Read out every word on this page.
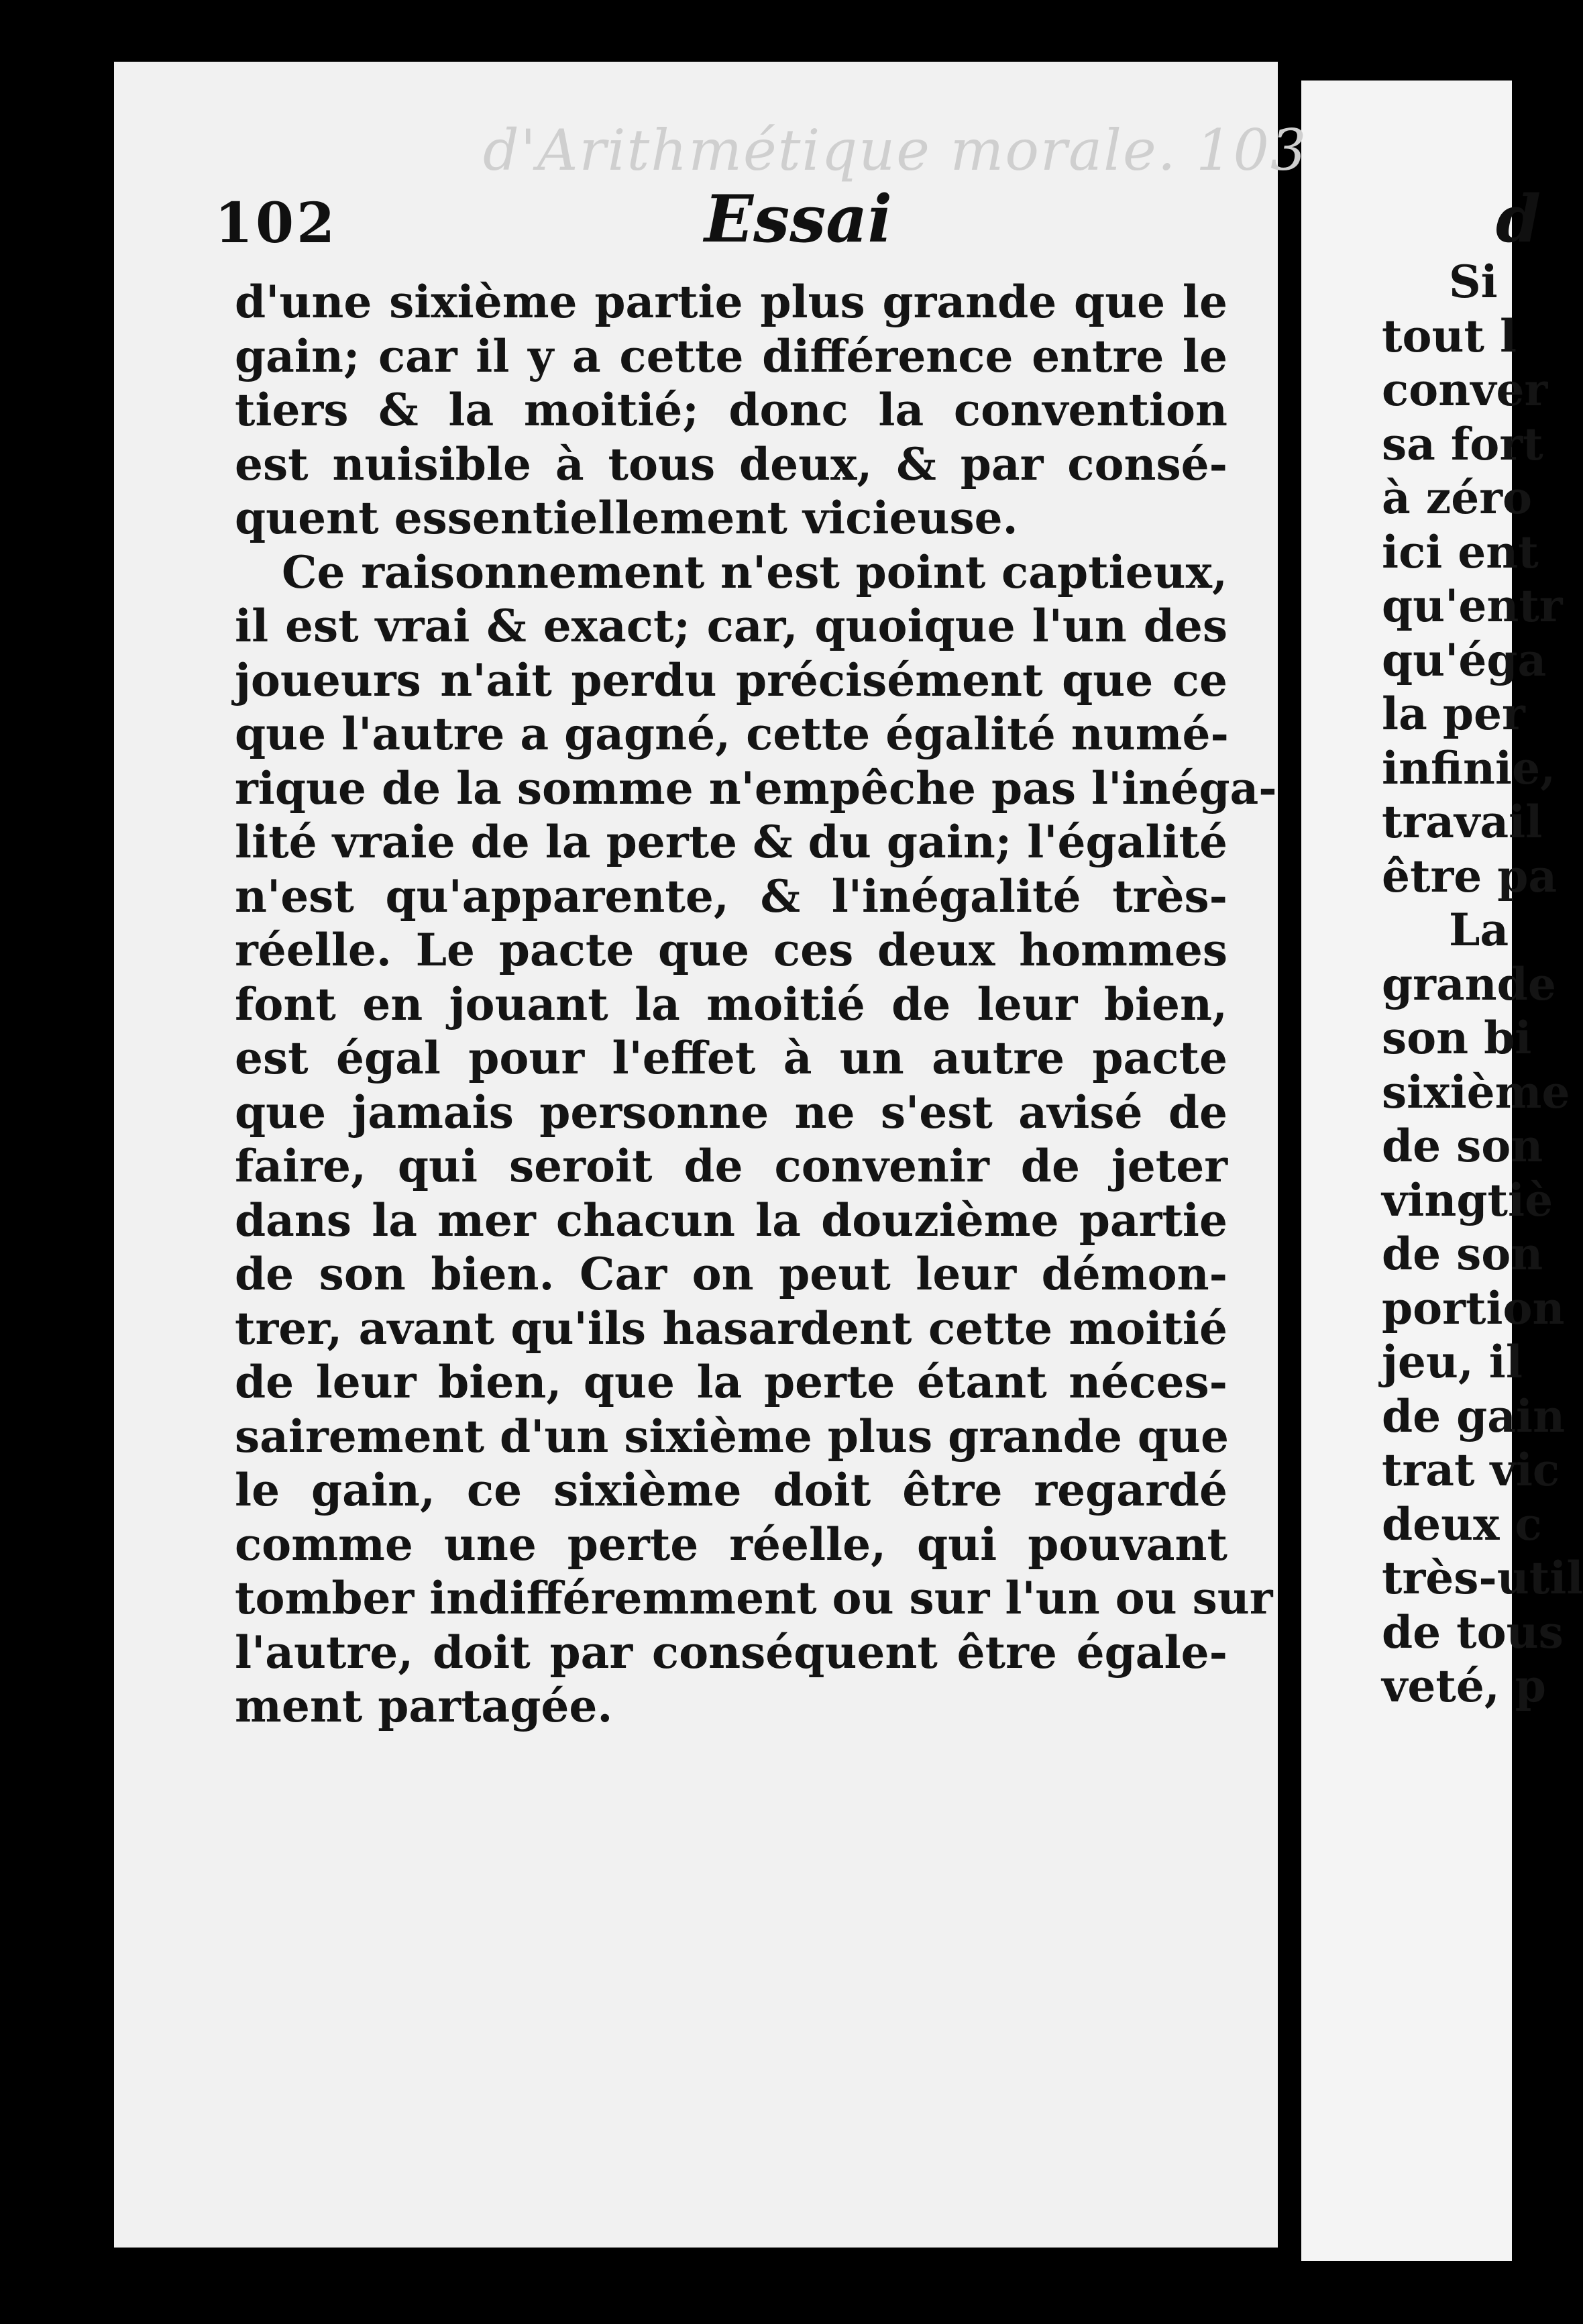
d'Arithmétique morale. 103
102	Essai
d'une sixième partie plus grande que le
gain; car il y a cette différence entre le
tiers & la moitié; donc la convention
est nuisible à tous deux, & par consé-
quent essentiellement vicieuse.
Ce raisonnement n'est point captieux,
il est vrai & exact; car, quoique l'un des
joueurs n'ait perdu précisément que ce
que l'autre a gagné, cette égalité numé-
rique de la somme n'empêche pas l'inéga-
lité vraie de la perte & du gain; l'égalité
n'est qu'apparente, & l'inégalité très-
réelle. Le pacte que ces deux hommes
font en jouant la moitié de leur bien,
est égal pour l'effet à un autre pacte
que jamais personne ne s'est avisé de
faire, qui seroit de convenir de jeter
dans la mer chacun la douzième partie
de son bien. Car on peut leur démon-
trer, avant qu'ils hasardent cette moitié
de leur bien, que la perte étant néces-
sairement d'un sixième plus grande que
le gain, ce sixième doit être regardé
comme une perte réelle, qui pouvant
tomber indifféremment ou sur l'un ou sur
l'autre, doit par conséquent être égale-
ment partagée.
d
Si
tout l
conver
sa fort
à zéro
ici ent
qu'entr
qu'éga
la per
infinie,
travail
être pa
La
grande
son bi
sixième
de son
vingtiè
de son
portion
jeu, il
de gain
trat vic
deux c
très-util
de tous
veté, p
